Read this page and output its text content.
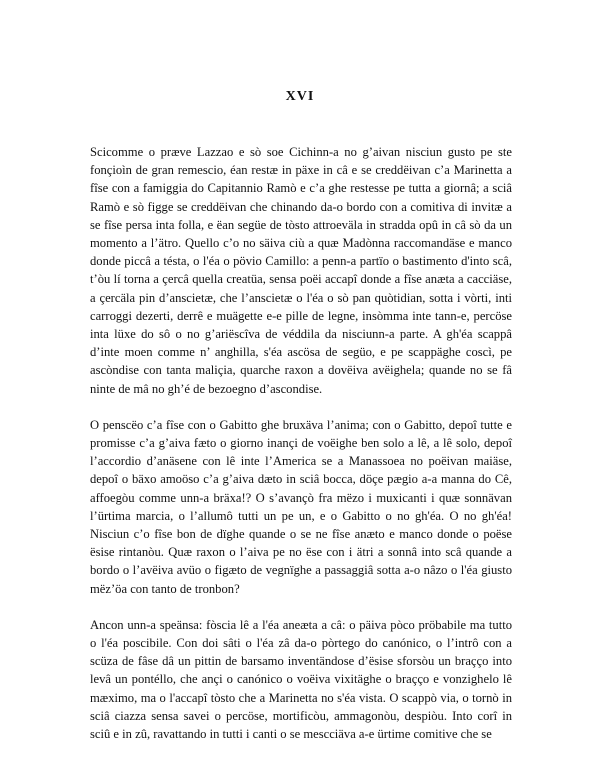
XVI

Scicomme o præve Lazzao e sò soe Cichinn-a no g’aivan nisciun gusto pe ste fonçioìn de gran remescio, éan restæ in päxe in câ e se creddëivan c’a Marinetta a fîse con a famiggia do Capitannio Ramò e c’a ghe restesse pe tutta a giornâ; a sciâ Ramò e sò figge se creddëivan che chinando da-o bordo con a comitiva di invitæ a se fîse persa inta folla, e ëan següe de tòsto attroeväla in stradda opû in câ sò da un momento a l’ätro. Quello c’o no säiva ciù a quæ Madònna raccomandäse e manco donde piccâ a tésta, o l'éa o pövio Camillo: a penn-a partïo o bastimento d'into scâ, t’òu lí torna a çercâ quella creatüa, sensa poëi accapî donde a fîse anæta a cacciäse, a çercäla pin d’anscietæ, che l’anscietæ o l'éa o sò pan quòtidian, sotta i vòrti, inti carroggi dezerti, derrê e muägette e-e pille de legne, insòmma inte tann-e, percöse inta lüxe do sô o no g’ariëscîva de véddila da nisciunn-a parte. A gh'éa scappâ d’inte moen comme n’ anghilla, s'éa ascösa de següo, e pe scappäghe coscì, pe ascòndise con tanta maliçia, quarche raxon a dovëiva avëighela; quande no se fâ ninte de mâ no gh’é de bezoegno d’ascondise.

O penscëo c’a fîse con o Gabitto ghe bruxäva l’anima; con o Gabitto, depoî tutte e promisse c’a g’aiva fæto o giorno inançi de voëighe ben solo a lê, a lê solo, depoî l’accordio d’anäsene con lê inte l’America se a Manassoea no poëivan maiäse, depoî o bäxo amoöso c’a g’aiva dæto in sciâ bocca, döçe pægio a-a manna do Cê, affoegòu comme unn-a bräxa!? O s’avançò fra mëzo i muxicanti i quæ sonnävan l’ürtima marcia, o l’allumô tutti un pe un, e o Gabitto o no gh'éa. O no gh'éa! Nisciun c’o fîse bon de dïghe quande o se ne fîse anæto e manco donde o poëse ësise rintanòu. Quæ raxon o l’aiva pe no ëse con i ätri a sonnâ into scâ quande a bordo o l’avëiva avüo o figæto de vegnïghe a passaggiâ sotta a-o nâzo o l'éa giusto mëz’öa con tanto de tronbon?

Ancon unn-a speänsa: fòscia lê a l'éa aneæta a câ: o päiva pòco pröbabile ma tutto o l'éa poscibile. Con doi sâti o l'éa zâ da-o pòrtego do canónico, o l’intrô con a scüza de fâse dâ un pittin de barsamo inventändose d’ësise sforsòu un braçço into levâ un pontéllo, che ançi o canónico o voëiva vixitäghe o braçço e vonzighelo lê mæximo, ma o l'accapî tòsto che a Marinetta no s'éa vista. O scappò via, o tornò in sciâ ciazza sensa savei o percöse, mortificòu, ammagonòu, despiòu. Into corî in sciû e in zû, ravattando in tutti i canti o se mescciäva a-e ürtime comitive che se
